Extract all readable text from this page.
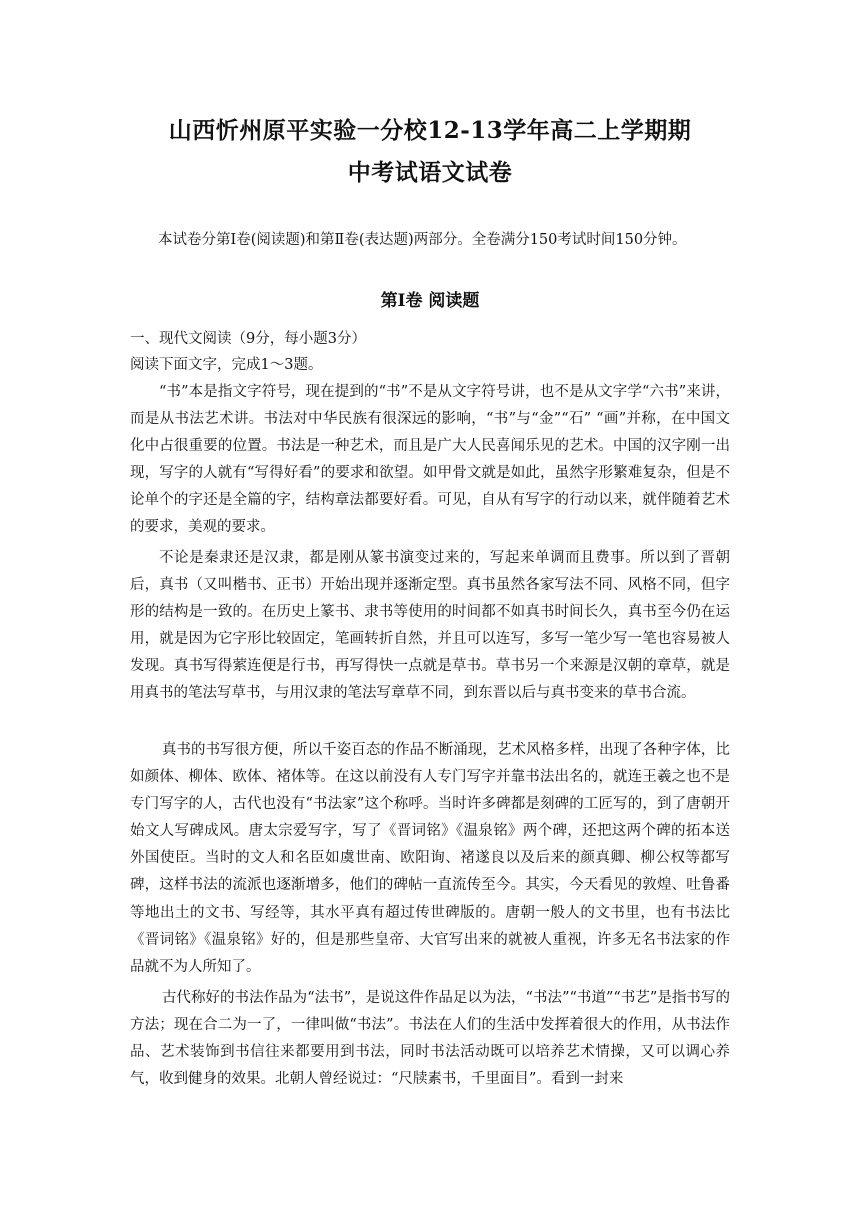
山西忻州原平实验一分校12-13学年高二上学期期
中考试语文试卷
本试卷分第Ⅰ卷(阅读题)和第Ⅱ卷(表达题)两部分。全卷满分150考试时间150分钟。
第Ⅰ卷 阅读题
一、现代文阅读（9分，每小题3分）
阅读下面文字，完成1～3题。

“书”本是指文字符号，现在提到的“书”不是从文字符号讲，也不是从文字学“六书”来讲，而是从书法艺术讲。书法对中华民族有很深远的影响，“书”与“金”“石” “画”并称，在中国文化中占很重要的位置。书法是一种艺术，而且是广大人民喜闻乐见的艺术。中国的汉字刚一出现，写字的人就有“写得好看”的要求和欲望。如甲骨文就是如此，虽然字形繁难复杂，但是不论单个的字还是全篇的字，结构章法都要好看。可见，自从有写字的行动以来，就伴随着艺术的要求，美观的要求。

不论是秦隶还是汉隶，都是刚从篆书演变过来的，写起来单调而且费事。所以到了晋朝后，真书（又叫楷书、正书）开始出现并逐渐定型。真书虽然各家写法不同、风格不同，但字形的结构是一致的。在历史上篆书、隶书等使用的时间都不如真书时间长久，真书至今仍在运用，就是因为它字形比较固定，笔画转折自然，并且可以连写，多写一笔少写一笔也容易被人发现。真书写得萦连便是行书，再写得快一点就是草书。草书另一个来源是汉朝的章草，就是用真书的笔法写草书，与用汉隶的笔法写章草不同，到东晋以后与真书变来的草书合流。

真书的书写很方便，所以千姿百态的作品不断涌现，艺术风格多样，出现了各种字体，比如颜体、柳体、欧体、褚体等。在这以前没有人专门写字并靠书法出名的，就连王羲之也不是专门写字的人，古代也没有“书法家”这个称呼。当时许多碑都是刻碑的工匠写的，到了唐朝开始文人写碑成风。唐太宗爱写字，写了《晋词铭》《温泉铭》两个碑，还把这两个碑的拓本送外国使臣。当时的文人和名臣如虞世南、欧阳询、褚遂良以及后来的颜真卿、柳公权等都写碑，这样书法的流派也逐渐增多，他们的碑帖一直流传至今。其实，今天看见的敦煌、吐鲁番等地出土的文书、写经等，其水平真有超过传世碑版的。唐朝一般人的文书里，也有书法比《晋词铭》《温泉铭》好的，但是那些皇帝、大官写出来的就被人重视，许多无名书法家的作品就不为人所知了。

古代称好的书法作品为“法书”，是说这件作品足以为法，“书法”“书道”“书艺”是指书写的方法；现在合二为一了，一律叫做“书法”。书法在人们的生活中发挥着很大的作用，从书法作品、艺术装饰到书信往来都要用到书法，同时书法活动既可以培养艺术情操，又可以调心养气，收到健身的效果。北朝人曾经说过：“尺牍素书，千里面目”。看到一封来
